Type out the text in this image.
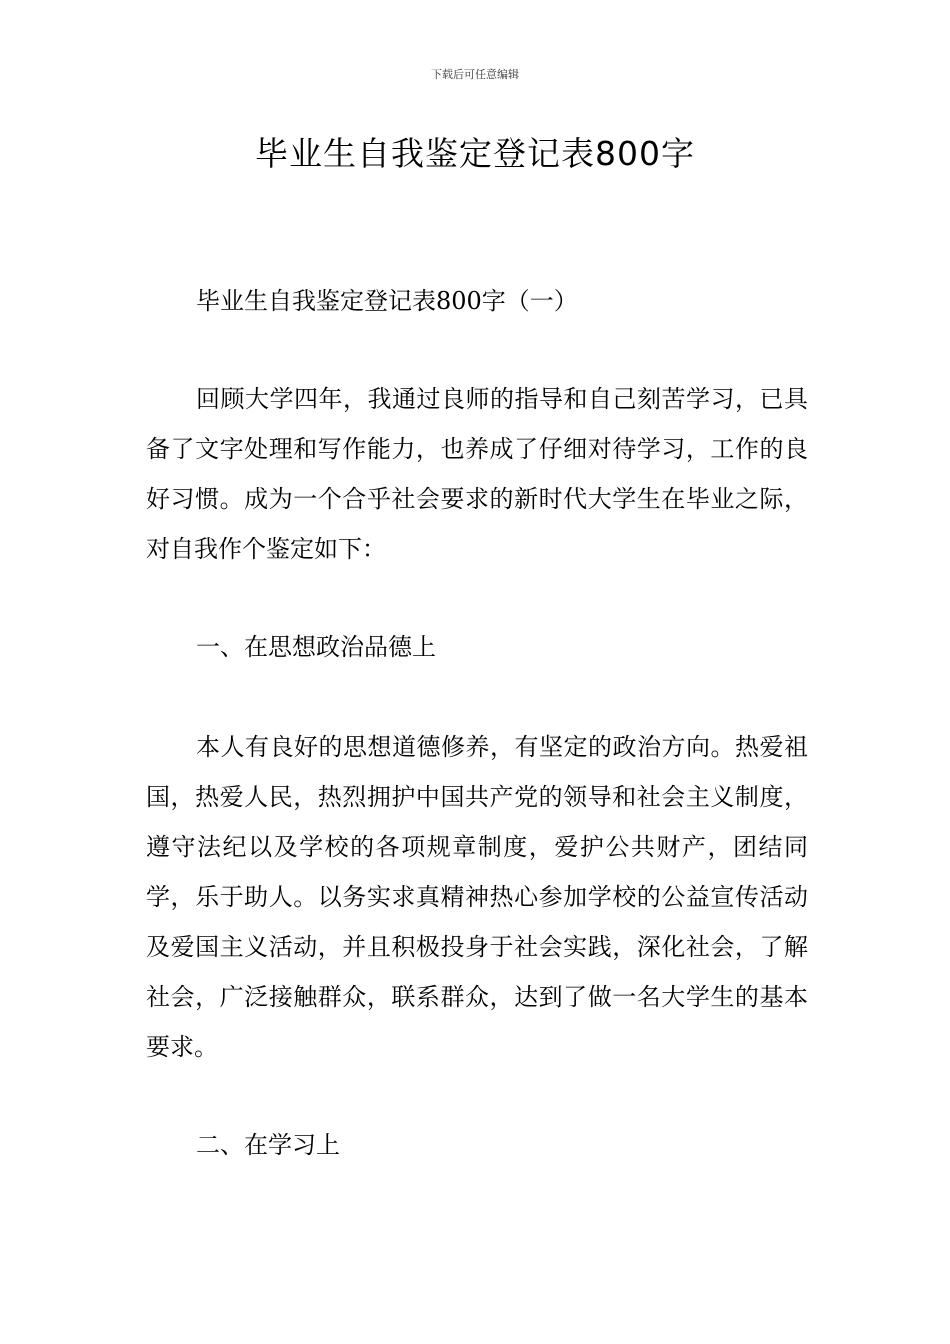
下载后可任意编辑
毕业生自我鉴定登记表800字

毕业生自我鉴定登记表800字（一）

回顾大学四年，我通过良师的指导和自己刻苦学习，已具备了文字处理和写作能力，也养成了仔细对待学习，工作的良好习惯。成为一个合乎社会要求的新时代大学生在毕业之际，对自我作个鉴定如下：

一、在思想政治品德上

本人有良好的思想道德修养，有坚定的政治方向。热爱祖国，热爱人民，热烈拥护中国共产党的领导和社会主义制度，遵守法纪以及学校的各项规章制度，爱护公共财产，团结同学，乐于助人。以务实求真精神热心参加学校的公益宣传活动及爱国主义活动，并且积极投身于社会实践，深化社会，了解社会，广泛接触群众，联系群众，达到了做一名大学生的基本要求。

二、在学习上
